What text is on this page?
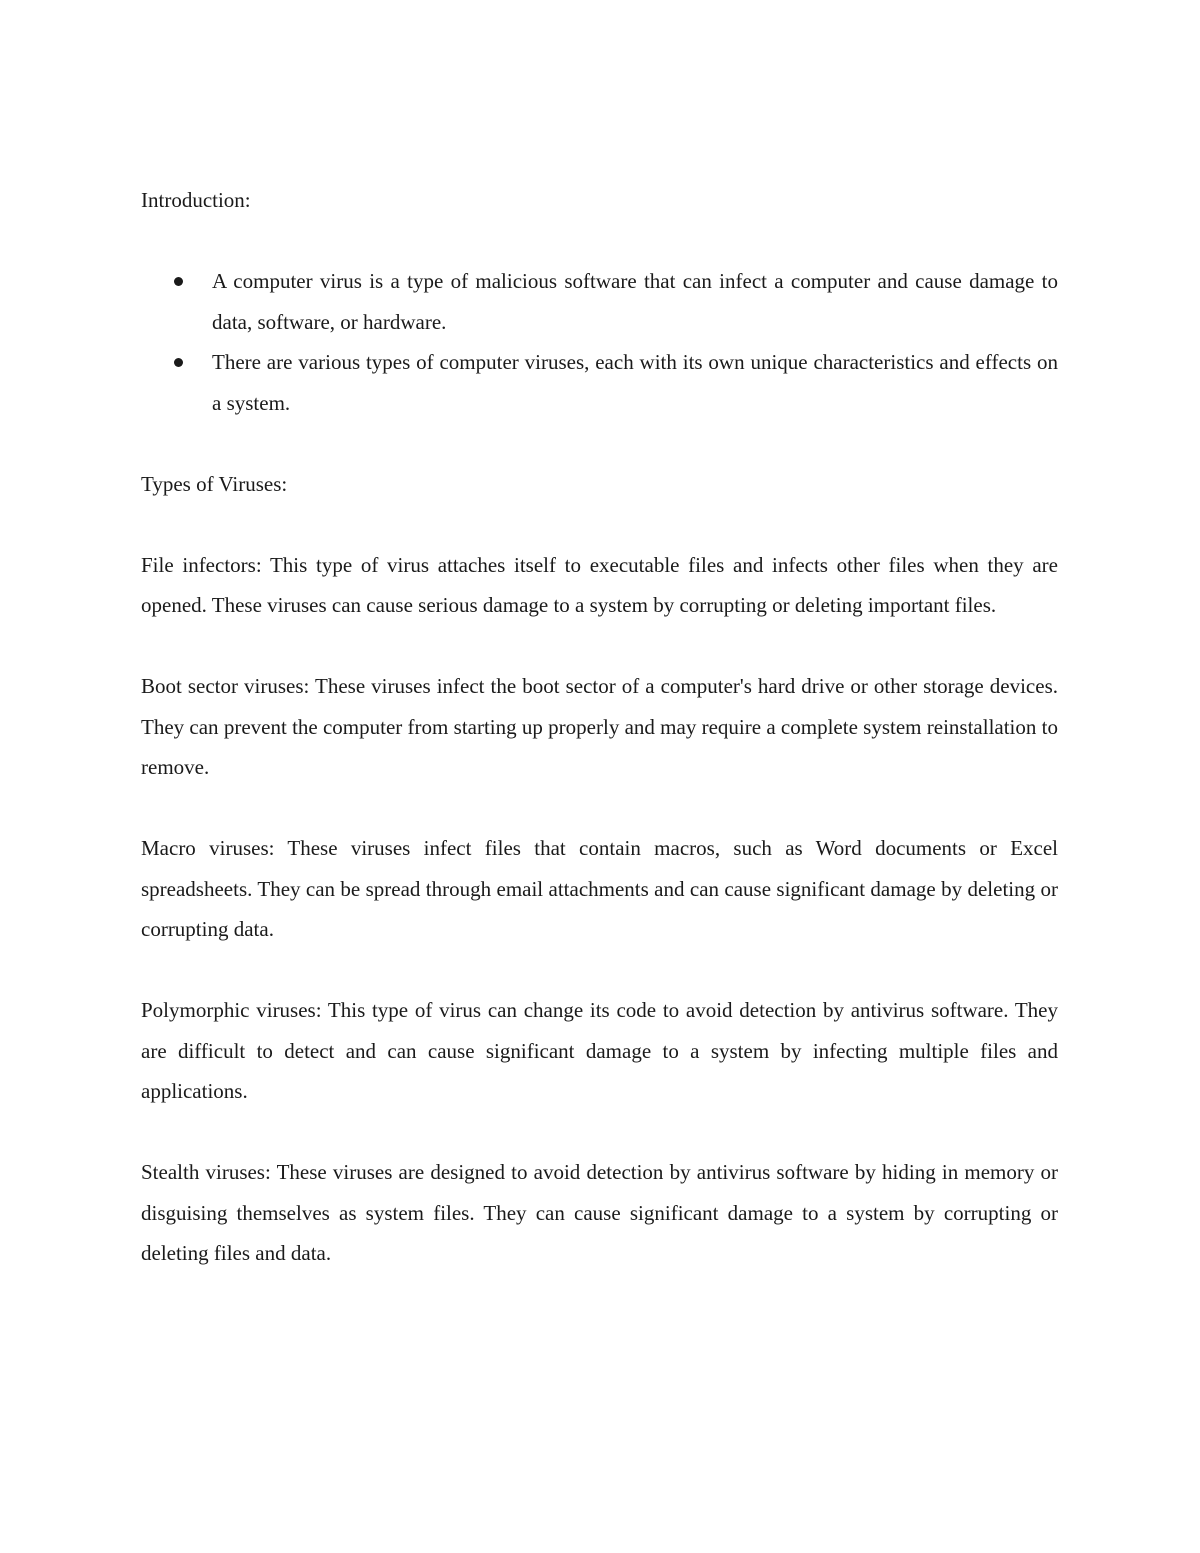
Introduction:

A computer virus is a type of malicious software that can infect a computer and cause damage to data, software, or hardware.
There are various types of computer viruses, each with its own unique characteristics and effects on a system.

Types of Viruses:

File infectors: This type of virus attaches itself to executable files and infects other files when they are opened. These viruses can cause serious damage to a system by corrupting or deleting important files.

Boot sector viruses: These viruses infect the boot sector of a computer's hard drive or other storage devices. They can prevent the computer from starting up properly and may require a complete system reinstallation to remove.

Macro viruses: These viruses infect files that contain macros, such as Word documents or Excel spreadsheets. They can be spread through email attachments and can cause significant damage by deleting or corrupting data.

Polymorphic viruses: This type of virus can change its code to avoid detection by antivirus software. They are difficult to detect and can cause significant damage to a system by infecting multiple files and applications.

Stealth viruses: These viruses are designed to avoid detection by antivirus software by hiding in memory or disguising themselves as system files. They can cause significant damage to a system by corrupting or deleting files and data.
